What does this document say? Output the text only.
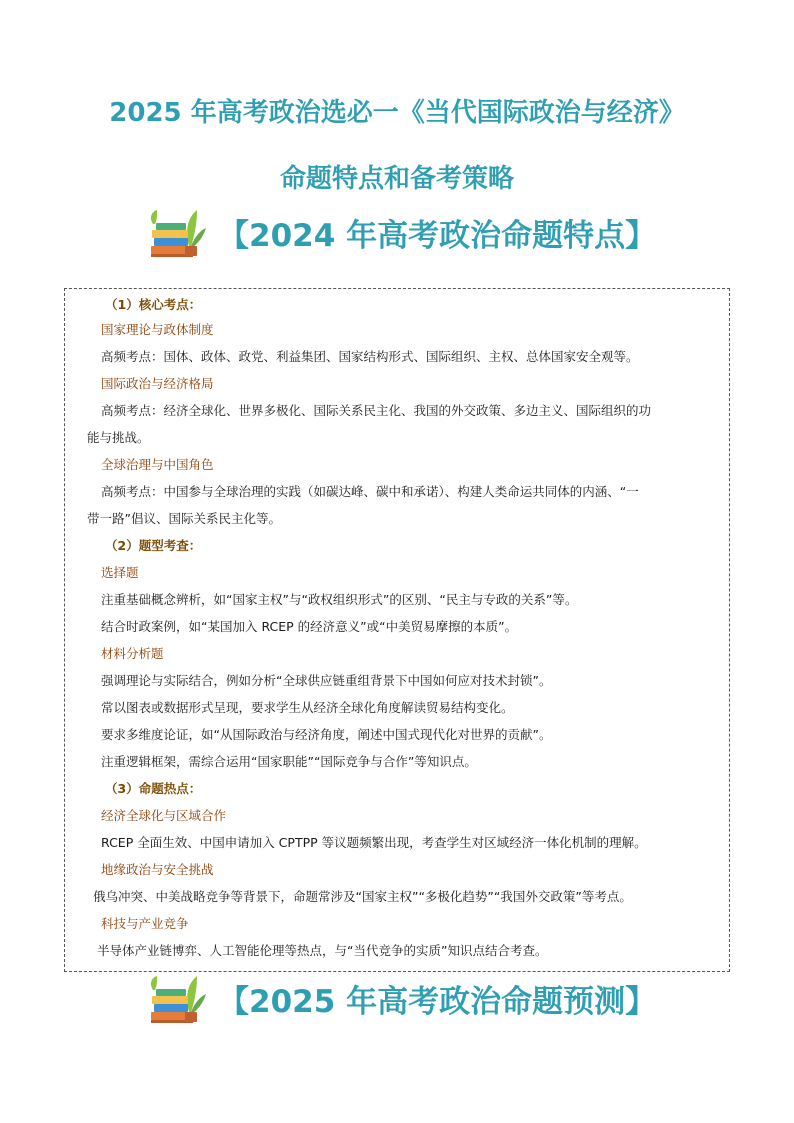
2025 年高考政治选必一《当代国际政治与经济》
命题特点和备考策略
【2024 年高考政治命题特点】
（1）核心考点：
国家理论与政体制度
高频考点：国体、政体、政党、利益集团、国家结构形式、国际组织、主权、总体国家安全观等。
国际政治与经济格局
高频考点：经济全球化、世界多极化、国际关系民主化、我国的外交政策、多边主义、国际组织的功
能与挑战。
全球治理与中国角色
高频考点：中国参与全球治理的实践（如碳达峰、碳中和承诺）、构建人类命运共同体的内涵、“一
带一路”倡议、国际关系民主化等。
（2）题型考查：
选择题
注重基础概念辨析，如“国家主权”与“政权组织形式”的区别、“民主与专政的关系”等。
结合时政案例，如“某国加入 RCEP 的经济意义”或“中美贸易摩擦的本质”。
材料分析题
强调理论与实际结合，例如分析“全球供应链重组背景下中国如何应对技术封锁”。
常以图表或数据形式呈现，要求学生从经济全球化角度解读贸易结构变化。
要求多维度论证，如“从国际政治与经济角度，阐述中国式现代化对世界的贡献”。
注重逻辑框架，需综合运用“国家职能”“国际竞争与合作”等知识点。
（3）命题热点：
经济全球化与区域合作
RCEP 全面生效、中国申请加入 CPTPP 等议题频繁出现，考查学生对区域经济一体化机制的理解。
地缘政治与安全挑战
俄乌冲突、中美战略竞争等背景下，命题常涉及“国家主权”“多极化趋势”“我国外交政策”等考点。
科技与产业竞争
半导体产业链博弈、人工智能伦理等热点，与“当代竞争的实质”知识点结合考查。
【2025 年高考政治命题预测】
